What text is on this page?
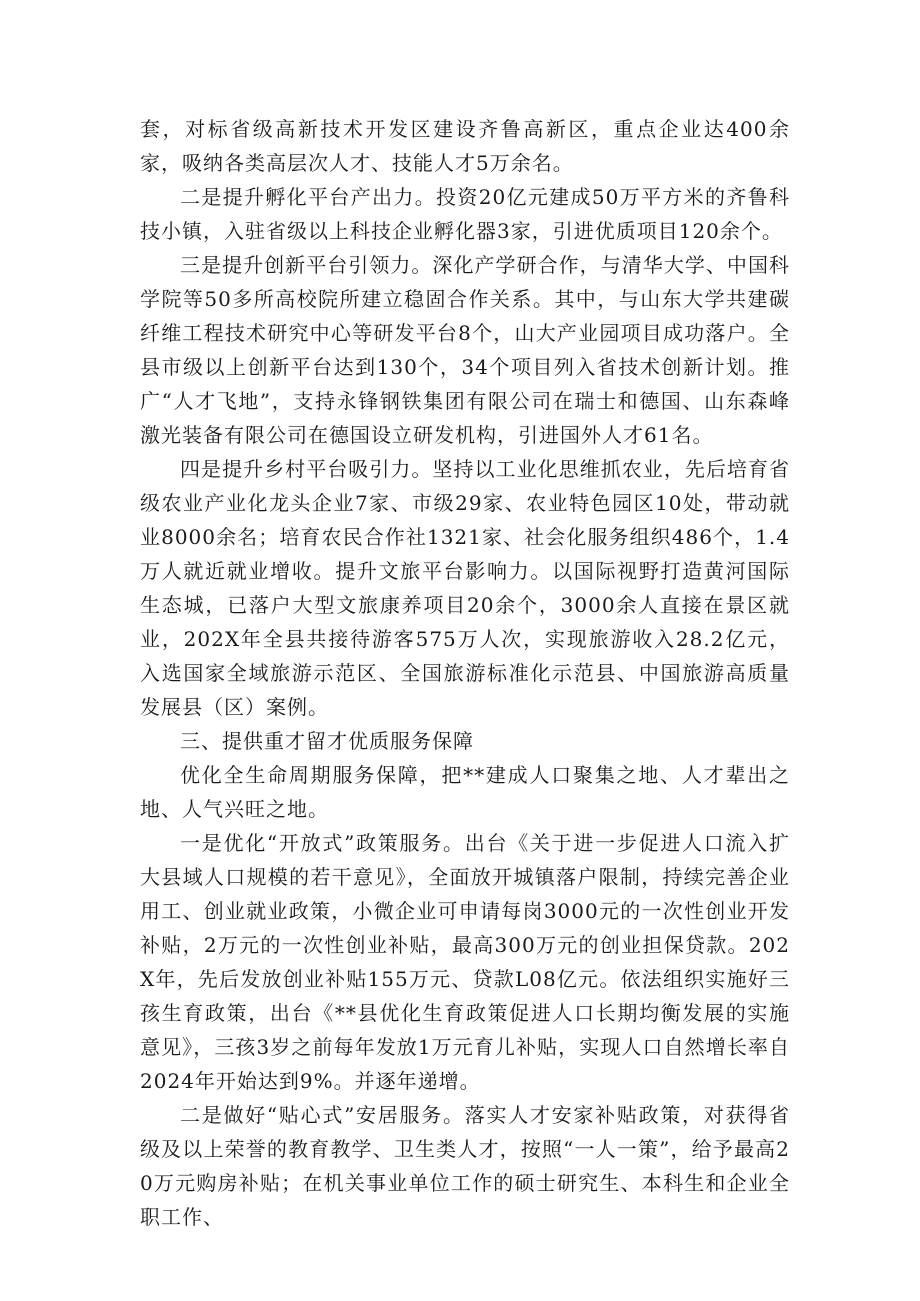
套，对标省级高新技术开发区建设齐鲁高新区，重点企业达400余家，吸纳各类高层次人才、技能人才5万余名。

二是提升孵化平台产出力。投资20亿元建成50万平方米的齐鲁科技小镇，入驻省级以上科技企业孵化器3家，引进优质项目120余个。

三是提升创新平台引领力。深化产学研合作，与清华大学、中国科学院等50多所高校院所建立稳固合作关系。其中，与山东大学共建碳纤维工程技术研究中心等研发平台8个，山大产业园项目成功落户。全县市级以上创新平台达到130个，34个项目列入省技术创新计划。推广“人才飞地”，支持永锋钢铁集团有限公司在瑞士和德国、山东森峰激光装备有限公司在德国设立研发机构，引进国外人才61名。

四是提升乡村平台吸引力。坚持以工业化思维抓农业，先后培育省级农业产业化龙头企业7家、市级29家、农业特色园区10处，带动就业8000余名；培育农民合作社1321家、社会化服务组织486个，1.4万人就近就业增收。提升文旅平台影响力。以国际视野打造黄河国际生态城，已落户大型文旅康养项目20余个，3000余人直接在景区就业，202X年全县共接待游客575万人次，实现旅游收入28.2亿元，入选国家全域旅游示范区、全国旅游标准化示范县、中国旅游高质量发展县（区）案例。

三、提供重才留才优质服务保障

优化全生命周期服务保障，把**建成人口聚集之地、人才辈出之地、人气兴旺之地。

一是优化“开放式”政策服务。出台《关于进一步促进人口流入扩大县域人口规模的若干意见》，全面放开城镇落户限制，持续完善企业用工、创业就业政策，小微企业可申请每岗3000元的一次性创业开发补贴，2万元的一次性创业补贴，最高300万元的创业担保贷款。202X年，先后发放创业补贴155万元、贷款L08亿元。依法组织实施好三孩生育政策，出台《**县优化生育政策促进人口长期均衡发展的实施意见》，三孩3岁之前每年发放1万元育儿补贴，实现人口自然增长率自2024年开始达到9%。并逐年递增。

二是做好“贴心式”安居服务。落实人才安家补贴政策，对获得省级及以上荣誉的教育教学、卫生类人才，按照“一人一策”，给予最高20万元购房补贴；在机关事业单位工作的硕士研究生、本科生和企业全职工作、
